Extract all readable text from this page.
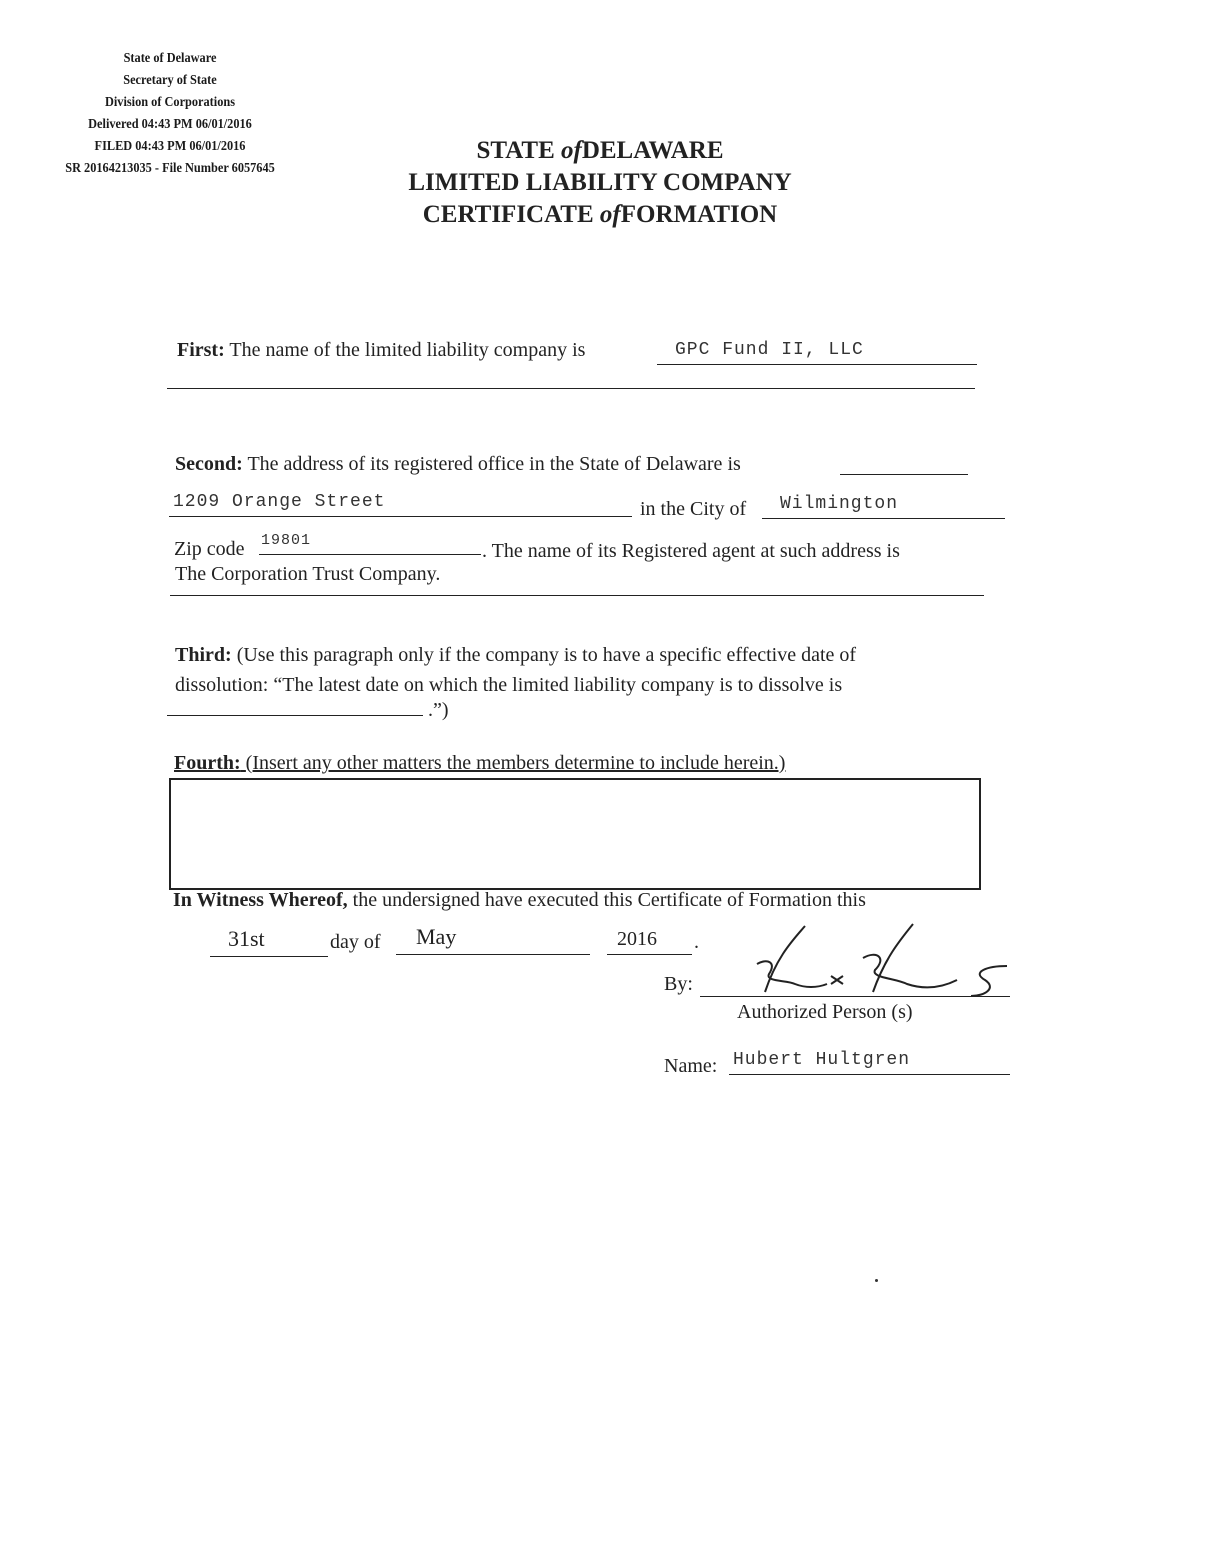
State of Delaware
Secretary of State
Division of Corporations
Delivered 04:43 PM 06/01/2016
FILED 04:43 PM 06/01/2016
SR 20164213035 - File Number 6057645
STATE ofDELAWARE
LIMITED LIABILITY COMPANY
CERTIFICATE ofFORMATION
First: The name of the limited liability company is	GPC Fund II, LLC
Second: The address of its registered office in the State of Delaware is
1209 Orange Street	in the City of Wilmington
Zip code 19801	. The name of its Registered agent at such address is
The Corporation Trust Company.
Third: (Use this paragraph only if the company is to have a specific effective date of
dissolution: “The latest date on which the limited liability company is to dissolve is
.”)
Fourth: (Insert any other matters the members determine to include herein.)
In Witness Whereof, the undersigned have executed this Certificate of Formation this
31st	day of May	2016 .
By:
Authorized Person (s)
Name: Hubert Hultgren
